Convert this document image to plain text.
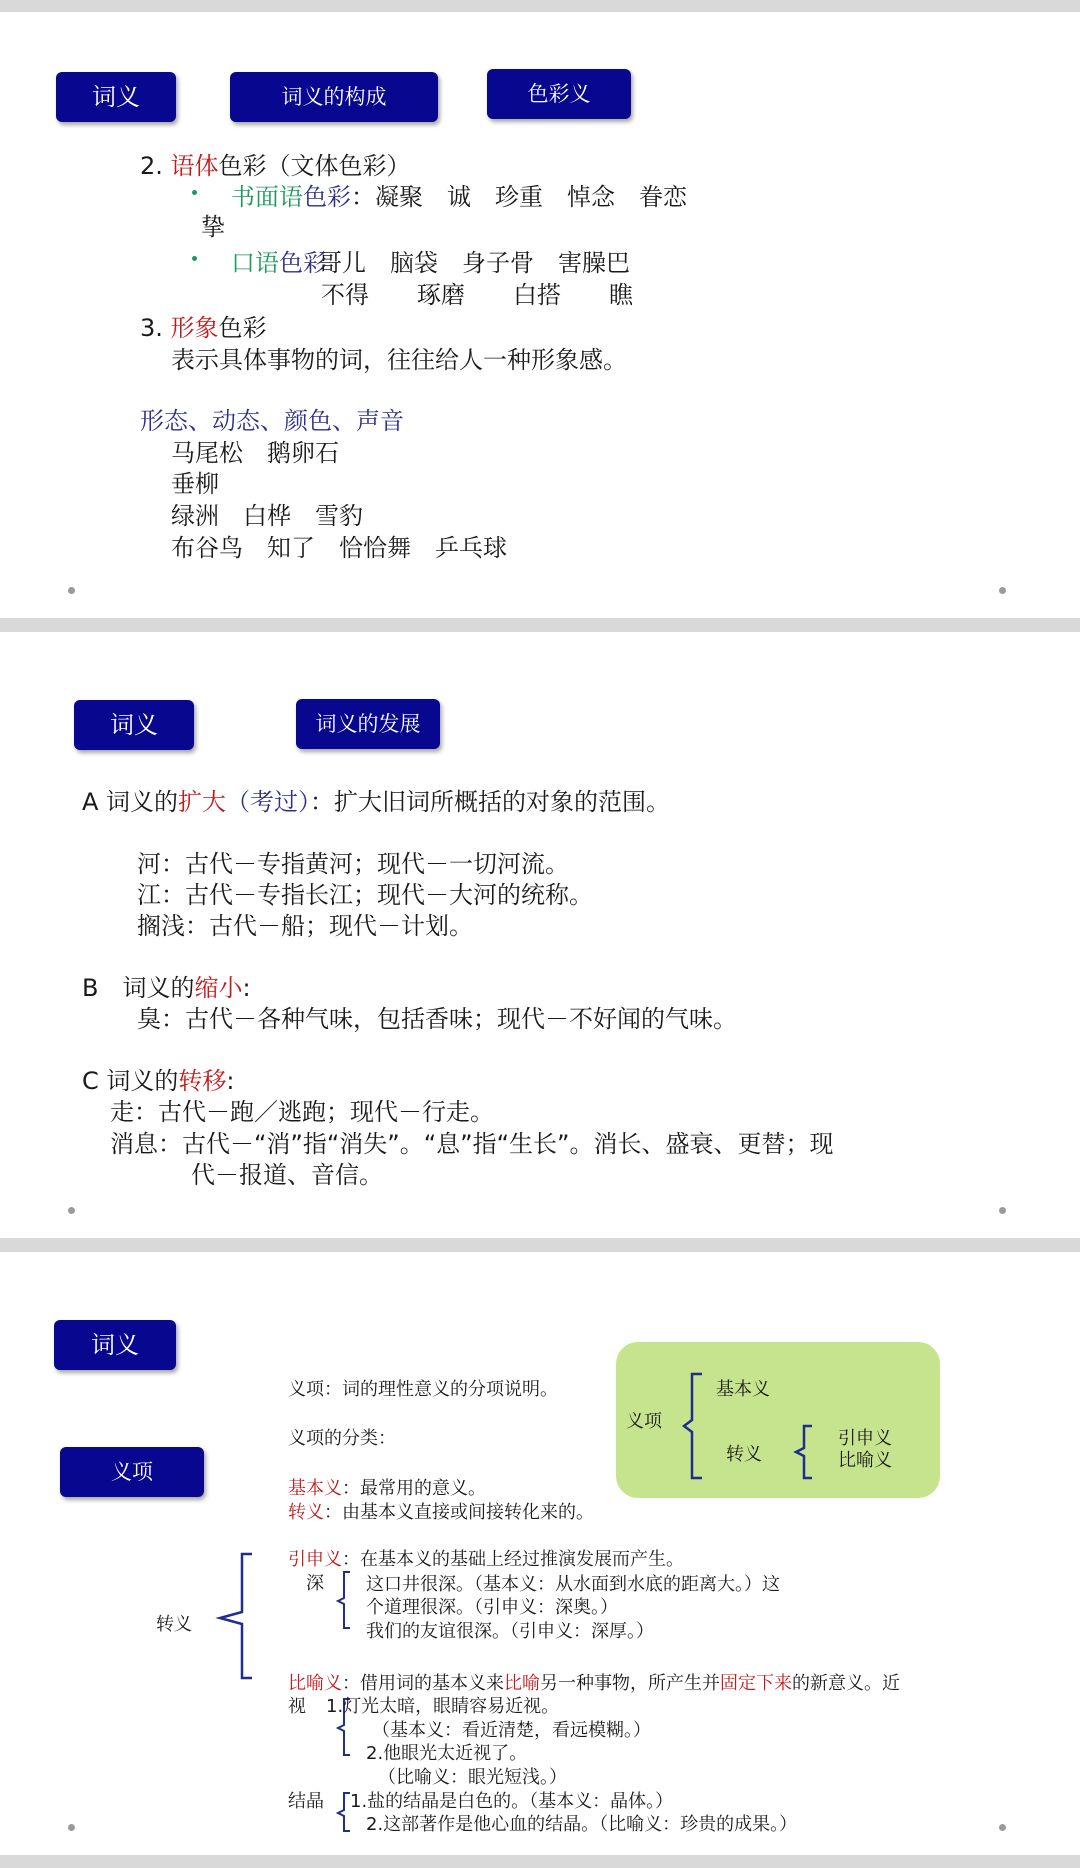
词义	词义的构成	色彩义
2. 语体色彩（文体色彩）
书面语色彩：凝聚　诚　珍重　悼念　眷恋
挚
口语色彩
哥儿　脑袋　身子骨　害臊巴
不得　　琢磨　　白搭　　瞧
3. 形象色彩
表示具体事物的词，往往给人一种形象感。
形态、动态、颜色、声音
马尾松　鹅卵石
垂柳
绿洲　白桦　雪豹
布谷鸟　知了　恰恰舞　乒乓球
词义	词义的发展
A 词义的扩大（考过）：扩大旧词所概括的对象的范围。
河：古代－专指黄河；现代－一切河流。
江：古代－专指长江；现代－大河的统称。
搁浅：古代－船；现代－计划。
B　词义的缩小:
臭：古代－各种气味，包括香味；现代－不好闻的气味。
C 词义的转移:
走：古代－跑／逃跑；现代－行走。
消息：古代－“消”指“消失”。“息”指“生长”。消长、盛衰、更替；现
代－报道、音信。
词义
义项
义项：词的理性意义的分项说明。
义项的分类：
基本义：最常用的意义。
转义：由基本义直接或间接转化来的。
义项
基本义
转义
引申义
比喻义
转义
引申义：在基本义的基础上经过推演发展而产生。
深 这口井很深。（基本义：从水面到水底的距离大。）这
个道理很深。（引申义：深奥。）
我们的友谊很深。（引申义：深厚。）
比喻义：借用词的基本义来比喻另一种事物，所产生并固定下来的新意义。近
视 1.灯光太暗，眼睛容易近视。
（基本义：看近清楚，看远模糊。）
2.他眼光太近视了。
（比喻义：眼光短浅。）
结晶 1.盐的结晶是白色的。（基本义：晶体。）
2.这部著作是他心血的结晶。（比喻义：珍贵的成果。）
